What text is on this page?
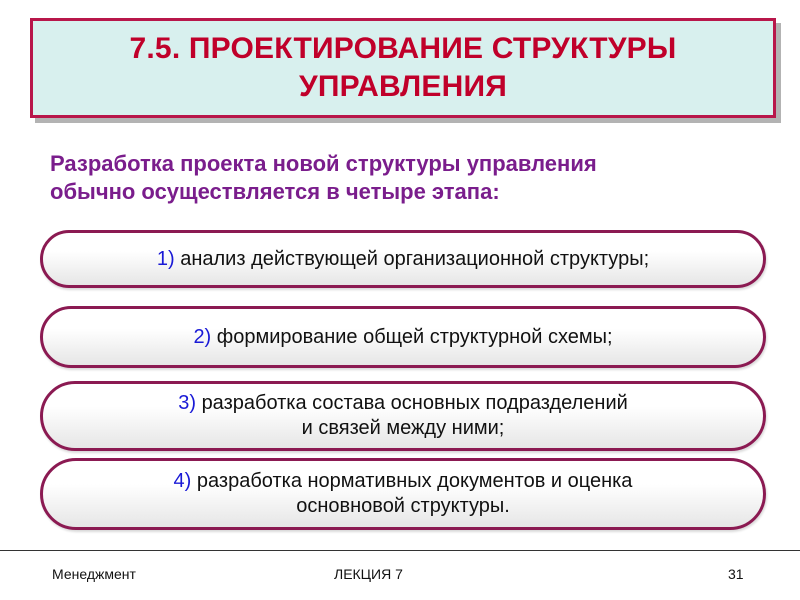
7.5. ПРОЕКТИРОВАНИЕ СТРУКТУРЫ
УПРАВЛЕНИЯ
Разработка проекта новой структуры управления
обычно осуществляется в четыре этапа:
1) анализ действующей организационной структуры;
2) формирование общей структурной схемы;
3) разработка состава основных подразделений
и связей между ними;
4) разработка нормативных документов и оценка
основновой структуры.
Менеджмент	ЛЕКЦИЯ 7	31
